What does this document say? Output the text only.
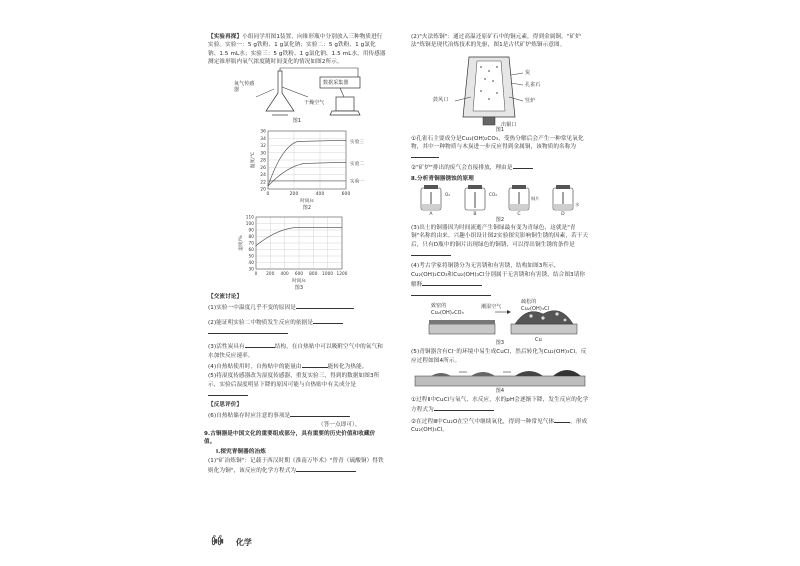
【实验再探】小组同学用图1装置，向锥形瓶中分别放入三种物质进行实验。实验一：5 g铁粉、1 g氯化钠；实验二：5 g铁粉、1 g氯化钠、1.5 mL水；实验三：5 g铁粉、1 g氯化钠、1.5 mL水，用传感器测定锥形瓶内氧气浓度随时间变化的情况如图2所示。

氧气传感器
数据采集器
干燥空气
图1
36
34
32
30
28
26
24
22
20
0	200	400	600
温度/℃
时间/s
实验三
实验二
实验一
图2
110
100
90
80
70
60
50
40
30
0 200 400 600 800 1000 1200
湿度/%
时间/s
图3
【交流讨论】

(1)实验一中温度几乎不变的原因是

(2)能证明实验二中物质发生反应的依据是

(3)活性炭具有	结构，在自热贴中可以吸附空气中的氧气和水加快反应速率。

(4)自热贴使用时，自热贴中的能量由	能转化为热能。

(5)将湿度传感器改为湿度传感器，重复实验三，得到的数据如图3所示，实验后湿度明显下降的原因可能与自热贴中有关成分是

【反思评价】

(6)自热贴储存时应注意的事项是
（答一点即可）。

9.古铜器是中国文化的重要组成部分，具有重要的历史价值和收藏价值。

Ⅰ.探究青铜器的冶炼

(1)"矿冶炼铜"：记载于西汉时期《淮南万毕术》"曾青（硫酸铜）得铁则化为铜"，该反应的化学方程式为

(2)"火法炼铜"：通过高温还原矿石中的铜元素，得到金属铜。"矿炉法"炼铜是现代冶炼技术的先驱，图1是古代矿炉炼铜示意图。

炭
孔雀石
鼓风口	竖炉
出铜口
图1

①孔雀石主要成分是Cu₂(OH)₂CO₃，受热分解后会产生一种常见氧化物，其中一种物质与木炭进一步反应得到金属铜，该物质的名称为

②"矿炉"排出的废气会直接排放，理由是

Ⅱ.分析青铜器锈蚀的原理
A	B	C	D
O₂	CO₂
铜片
水
图2

(3)出土的铜器因为时间流逝产生铜绿最有变为青绿色，这就是"青铜"名称的由来。兴趣小组设计图2实验探究影响铜生锈的因素，若干天后，只有D瓶中的铜片出现绿色的铜锈，可以得出铜生锈的条件是

(4)考古学家将铜锈分为无害锈和有害锈，结构如图3所示，Cu₂(OH)₂CO₃和Cu₂(OH)₃Cl分别属于无害锈和有害锈，结合图3请你解释

致密的
Cu₂(OH)₂CO₃
潮湿空气
疏松的
Cu₂(OH)₃Cl
Cu
图3

(5)青铜器含有Cl⁻的环境中易生成CuCl，然后转化为Cu₂(OH)₃Cl，反应过程如图4所示。

图4

①过程Ⅱ中CuCl与氧气、水反应，水的pH会逐渐下降，发生反应的化学方程式为

②在过程Ⅲ中Cu₂O在空气中继续氧化，得到一种常见气体	，形成Cu₂(OH)₃Cl。

ꀼꀼ 化学
